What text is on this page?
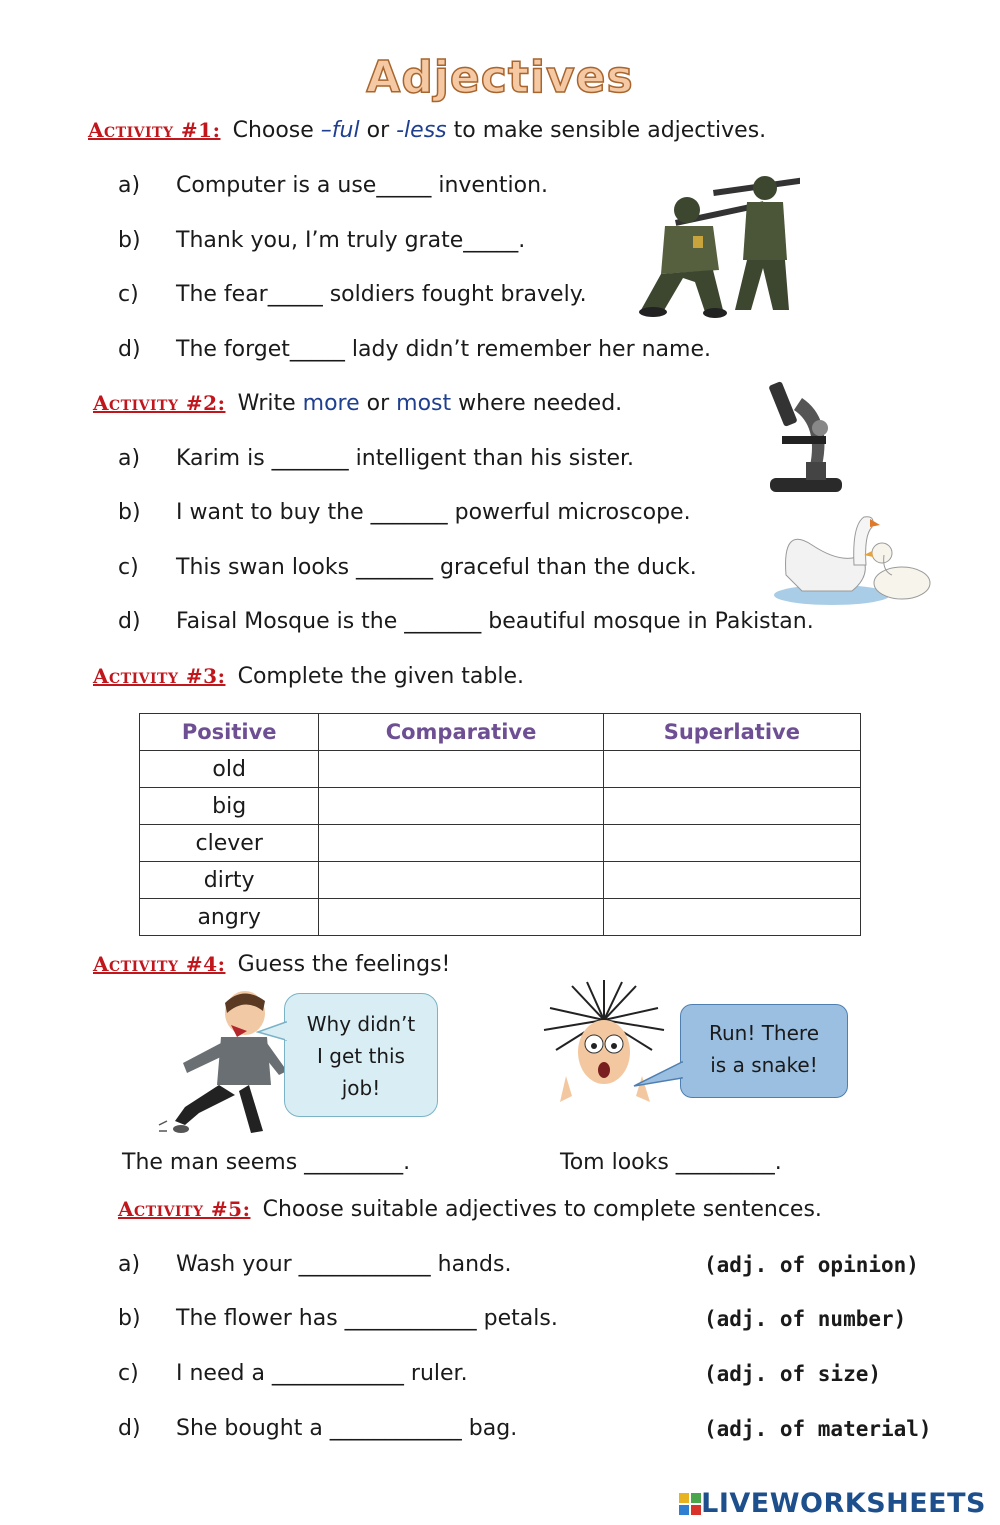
Adjectives
Activity #1: Choose –ful or -less to make sensible adjectives.
a) Computer is a use_____ invention.
b) Thank you, I’m truly grate_____.
c) The fear_____ soldiers fought bravely.
d) The forget_____ lady didn’t remember her name.
Activity #2: Write more or most where needed.
a) Karim is _______ intelligent than his sister.
b) I want to buy the _______ powerful microscope.
c) This swan looks _______ graceful than the duck.
d) Faisal Mosque is the _______ beautiful mosque in Pakistan.
Activity #3: Complete the given table.
Positive	Comparative	Superlative
old		
big		
clever		
dirty		
angry		
Activity #4: Guess the feelings!
Why didn’t
I get this
job!
Run! There
is a snake!
The man seems _________.	Tom looks _________.
Activity #5: Choose suitable adjectives to complete sentences.
a) Wash your ____________ hands.	(adj. of opinion)
b) The flower has ____________ petals.	(adj. of number)
c) I need a ____________ ruler.	(adj. of size)
d) She bought a ____________ bag.	(adj. of material)
LIVEWORKSHEETS
